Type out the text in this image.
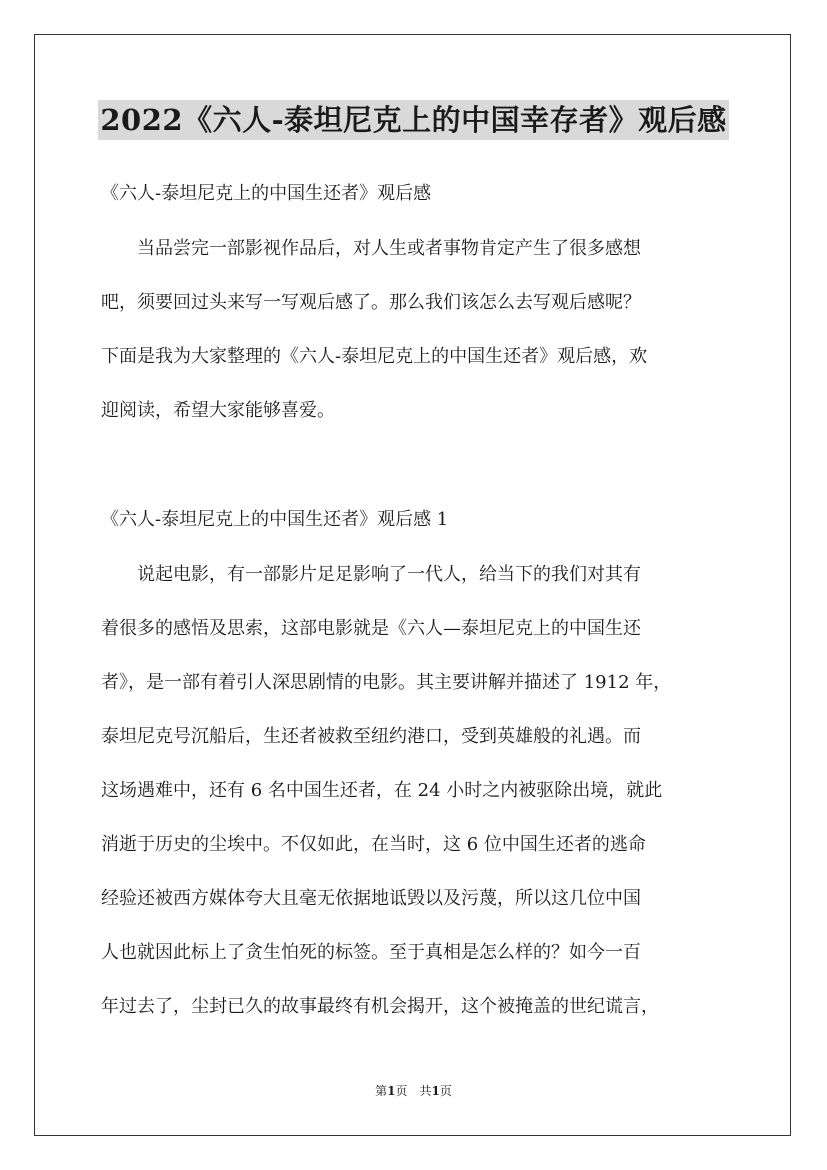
2022《六人-泰坦尼克上的中国幸存者》观后感
《六人-泰坦尼克上的中国生还者》观后感
　　当品尝完一部影视作品后，对人生或者事物肯定产生了很多感想
吧，须要回过头来写一写观后感了。那么我们该怎么去写观后感呢？
下面是我为大家整理的《六人-泰坦尼克上的中国生还者》观后感，欢
迎阅读，希望大家能够喜爱。
《六人-泰坦尼克上的中国生还者》观后感 1
　　说起电影，有一部影片足足影响了一代人，给当下的我们对其有
着很多的感悟及思索，这部电影就是《六人—泰坦尼克上的中国生还
者》，是一部有着引人深思剧情的电影。其主要讲解并描述了 1912 年，
泰坦尼克号沉船后，生还者被救至纽约港口，受到英雄般的礼遇。而
这场遇难中，还有 6 名中国生还者，在 24 小时之内被驱除出境，就此
消逝于历史的尘埃中。不仅如此，在当时，这 6 位中国生还者的逃命
经验还被西方媒体夸大且毫无依据地诋毁以及污蔑，所以这几位中国
人也就因此标上了贪生怕死的标签。至于真相是怎么样的？如今一百
年过去了，尘封已久的故事最终有机会揭开，这个被掩盖的世纪谎言，
第1页 共1页
